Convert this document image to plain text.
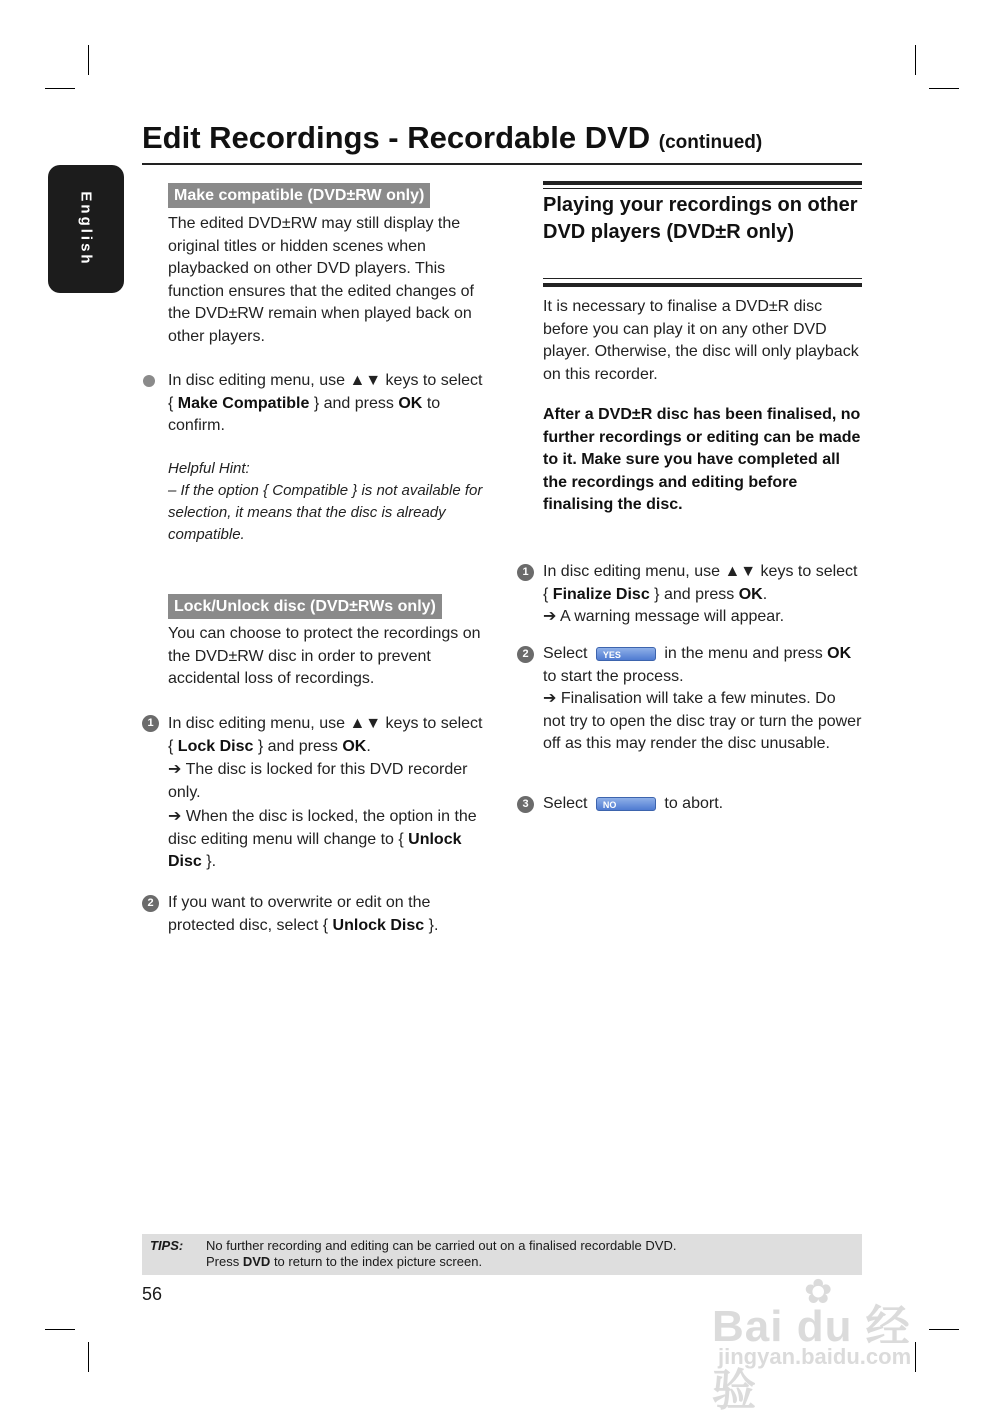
English
Edit Recordings - Recordable DVD (continued)
Make compatible (DVD±RW only)
The edited DVD±RW may still display the original titles or hidden scenes when playbacked on other DVD players. This function ensures that the edited changes of the DVD±RW remain when played back on other players.
In disc editing menu, use ▲▼ keys to select { Make Compatible } and press OK to confirm.
Helpful Hint:
– If the option { Compatible } is not available for selection, it means that the disc is already compatible.
Lock/Unlock disc (DVD±RWs only)
You can choose to protect the recordings on the DVD±RW disc in order to prevent accidental loss of recordings.
1 In disc editing menu, use ▲▼ keys to select { Lock Disc } and press OK.
➔ The disc is locked for this DVD recorder only.
➔ When the disc is locked, the option in the disc editing menu will change to { Unlock Disc }.
2 If you want to overwrite or edit on the protected disc, select { Unlock Disc }.
Playing your recordings on other DVD players (DVD±R only)
It is necessary to finalise a DVD±R disc before you can play it on any other DVD player. Otherwise, the disc will only playback on this recorder.
After a DVD±R disc has been finalised, no further recordings or editing can be made to it. Make sure you have completed all the recordings and editing before finalising the disc.
1 In disc editing menu, use ▲▼ keys to select { Finalize Disc } and press OK.
➔ A warning message will appear.
2 Select YES	in the menu and press OK to start the process.
➔ Finalisation will take a few minutes. Do not try to open the disc tray or turn the power off as this may render the disc unusable.
3 Select NO	to abort.
TIPS: No further recording and editing can be carried out on a finalised recordable DVD.
Press DVD to return to the index picture screen.
56	✿
Bai du 经验
jingyan.baidu.com
